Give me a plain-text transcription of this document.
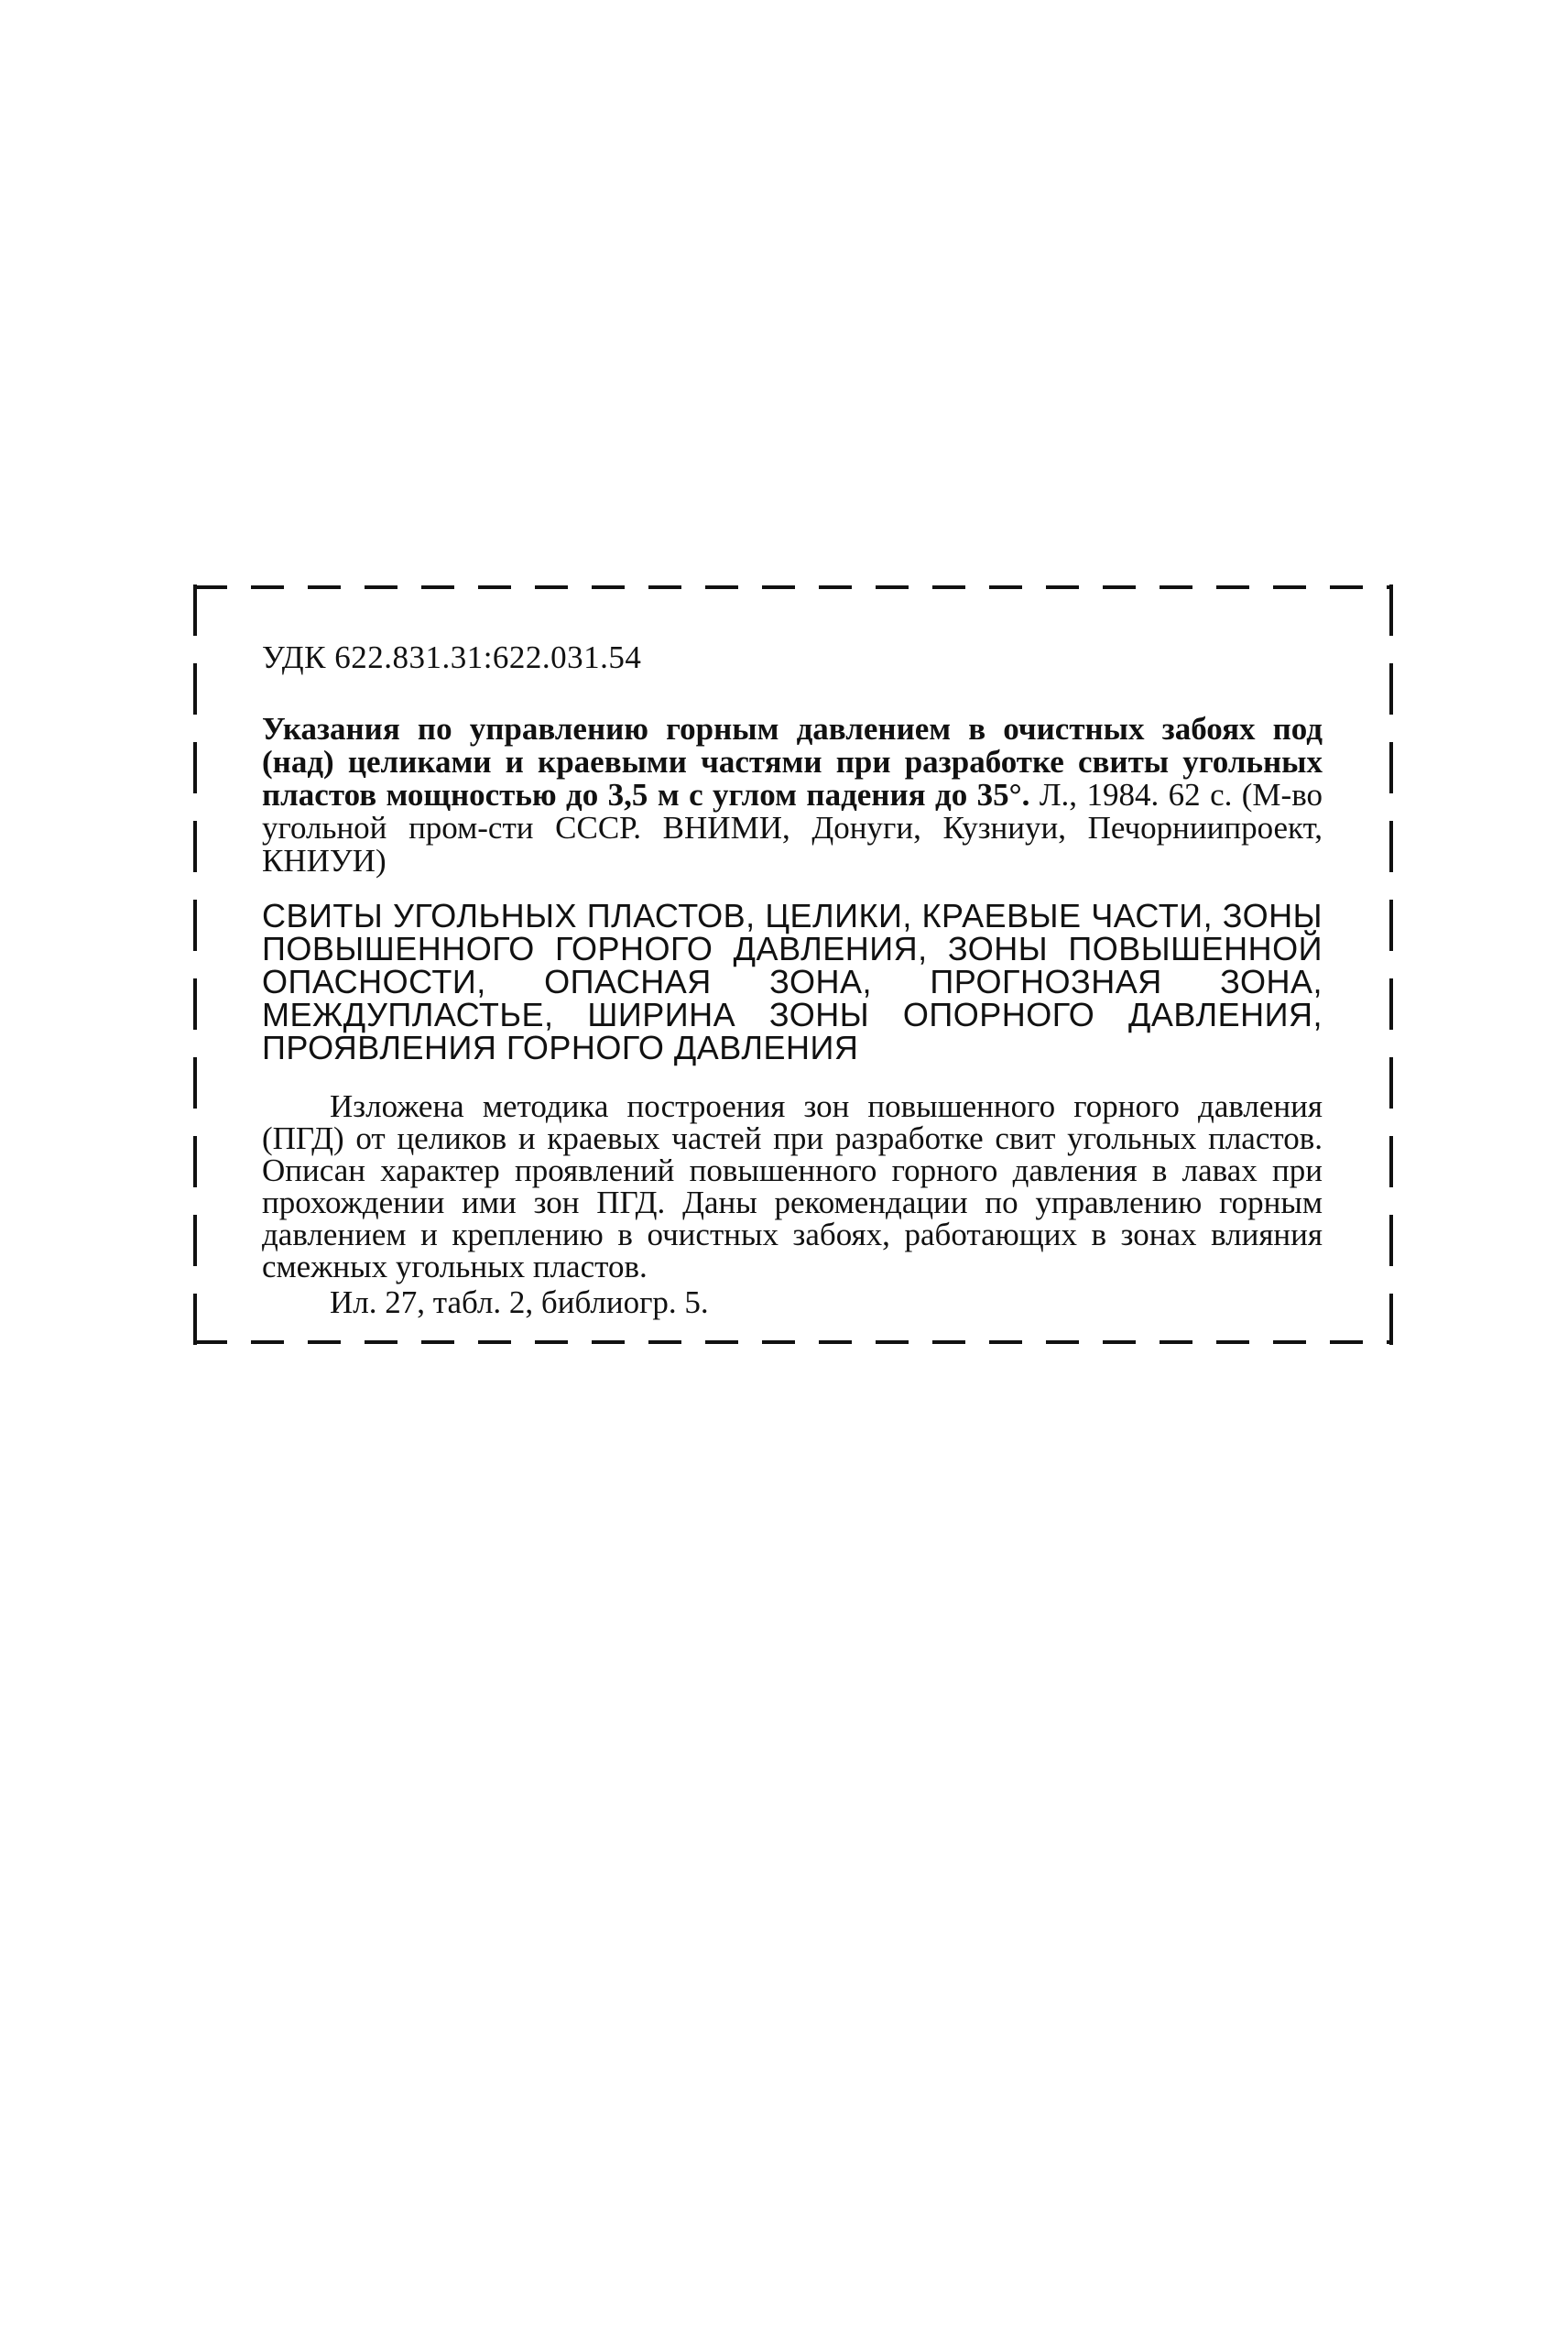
УДК 622.831.31:622.031.54
Указания по управлению горным давлением в очистных забоях под (над) целиками и краевыми частями при разработке свиты угольных пластов мощностью до 3,5 м с углом падения до 35°. Л., 1984. 62 с. (М-во угольной пром-сти СССР. ВНИМИ, Донуги, Кузниуи, Печорниипроект, КНИУИ)
СВИТЫ УГОЛЬНЫХ ПЛАСТОВ, ЦЕЛИКИ, КРАЕВЫЕ ЧАСТИ, ЗОНЫ ПОВЫШЕННОГО ГОРНОГО ДАВЛЕНИЯ, ЗОНЫ ПОВЫШЕННОЙ ОПАСНОСТИ, ОПАСНАЯ ЗОНА, ПРОГНОЗНАЯ ЗОНА, МЕЖДУПЛАСТЬЕ, ШИРИНА ЗОНЫ ОПОРНОГО ДАВЛЕНИЯ, ПРОЯВЛЕНИЯ ГОРНОГО ДАВЛЕНИЯ
Изложена методика построения зон повышенного горного давления (ПГД) от целиков и краевых частей при разработке свит угольных пластов. Описан характер проявлений повышенного горного давления в лавах при прохождении ими зон ПГД. Даны рекомендации по управлению горным давлением и креплению в очистных забоях, работающих в зонах влияния смежных угольных пластов.
Ил. 27, табл. 2, библиогр. 5.
